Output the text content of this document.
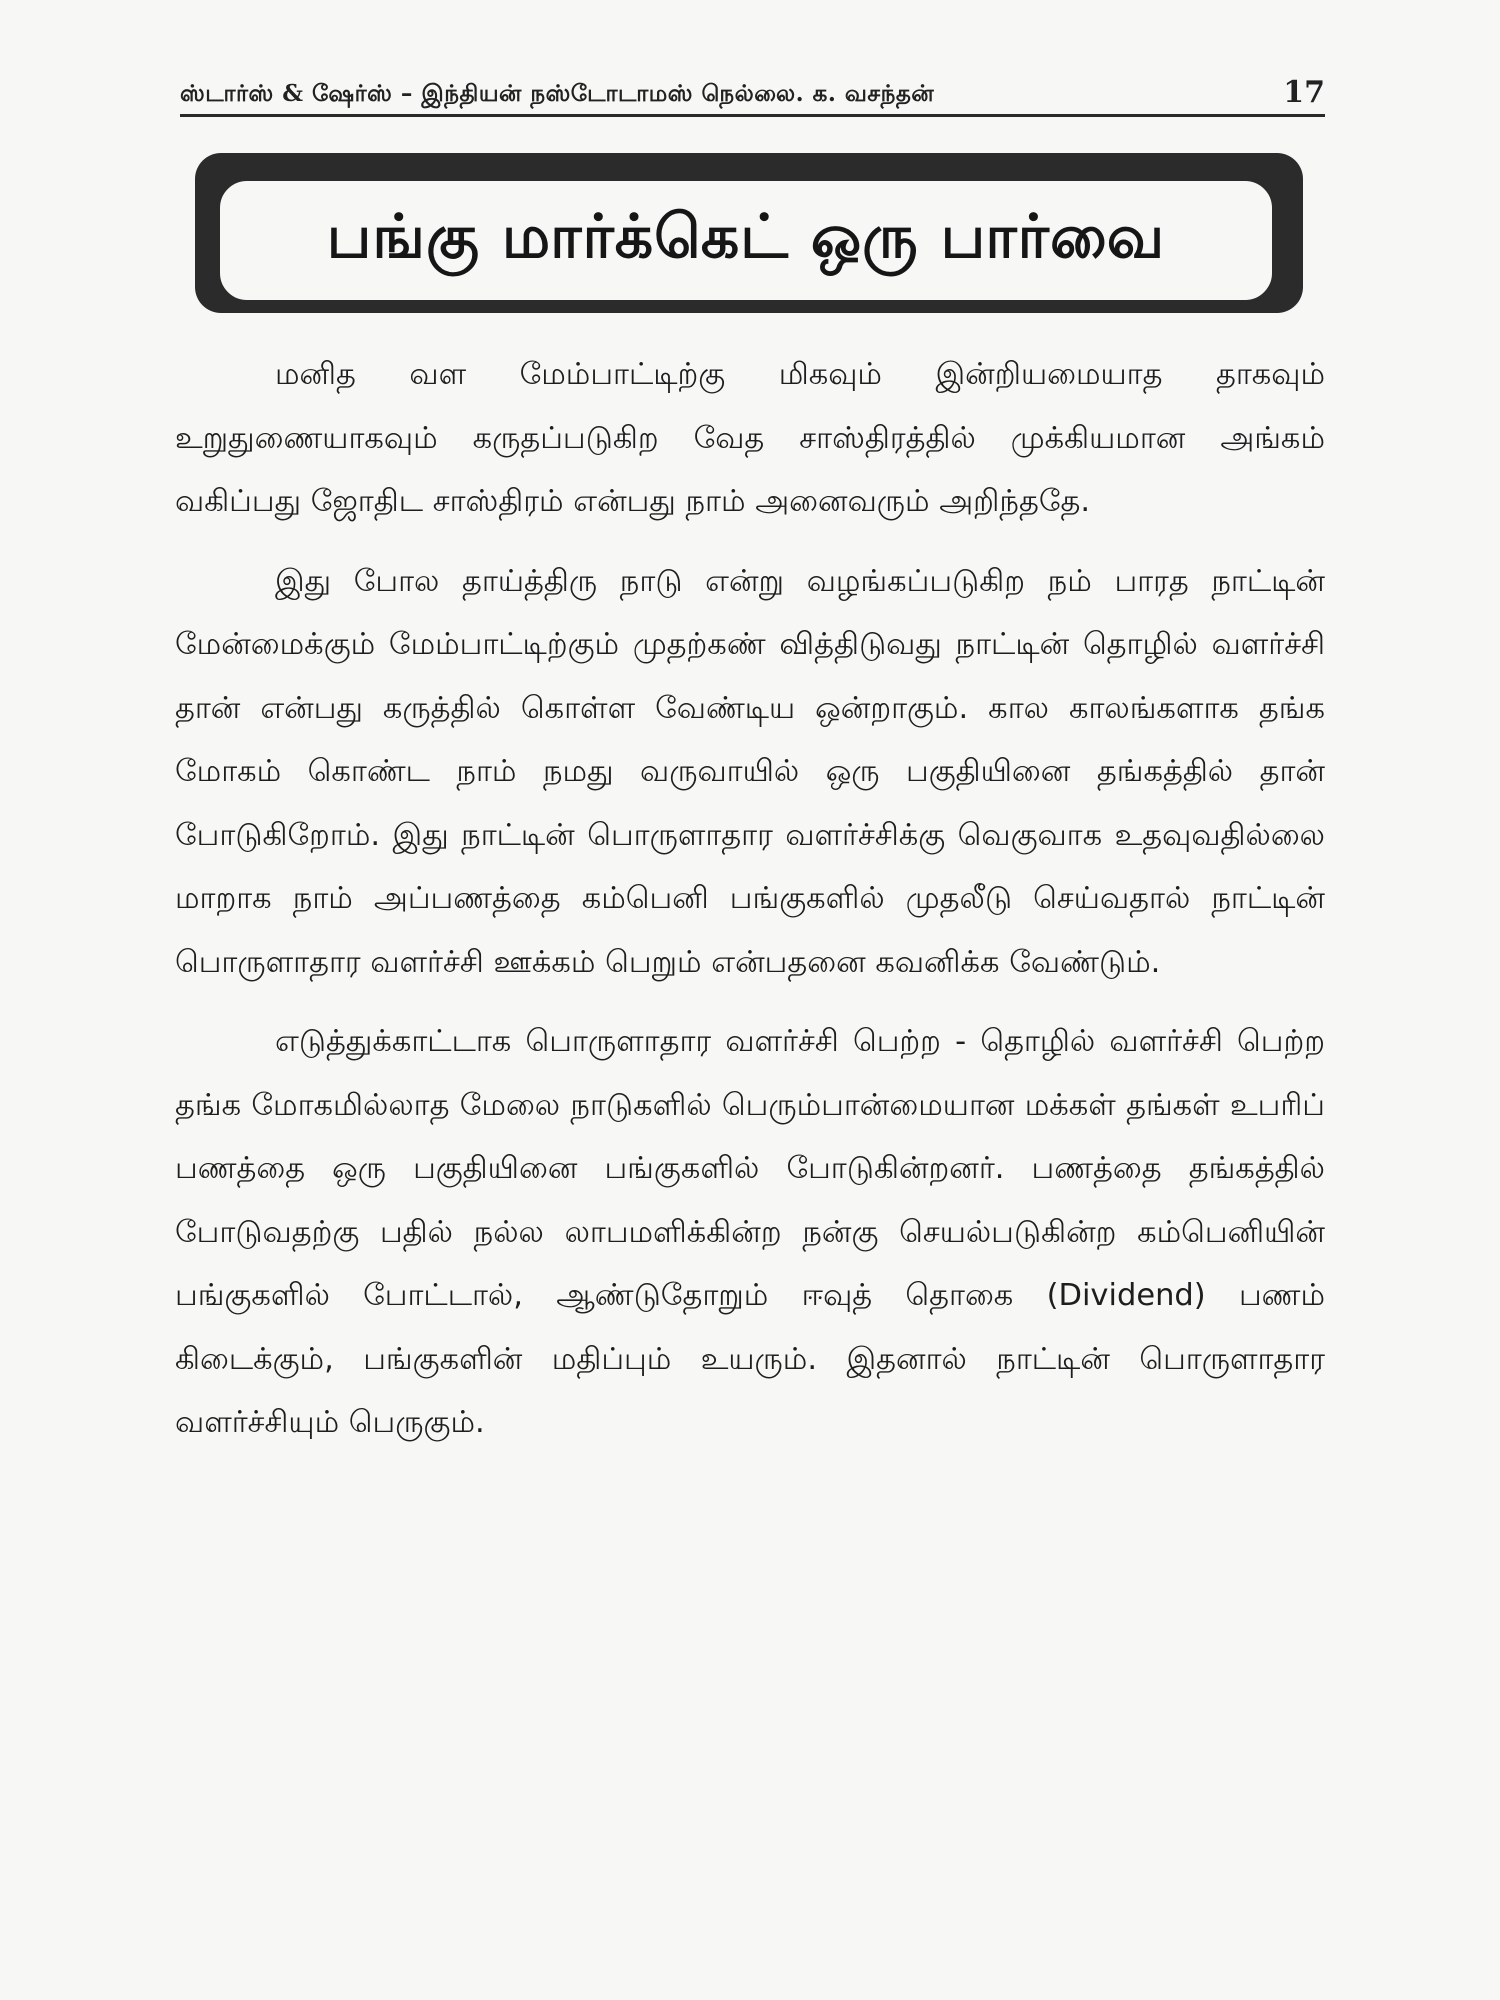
ஸ்டார்ஸ் & ஷேர்ஸ் – இந்தியன் நஸ்டோடாமஸ் நெல்லை. க. வசந்தன்	17
பங்கு மார்க்கெட் ஒரு பார்வை

மனித வள மேம்பாட்டிற்கு மிகவும் இன்றியமையாத தாகவும் உறுதுணையாகவும் கருதப்படுகிற வேத சாஸ்திரத்தில் முக்கியமான அங்கம் வகிப்பது ஜோதிட சாஸ்திரம் என்பது நாம் அனைவரும் அறிந்ததே.

இது போல தாய்த்திரு நாடு என்று வழங்கப்படுகிற நம் பாரத நாட்டின் மேன்மைக்கும் மேம்பாட்டிற்கும் முதற்கண் வித்திடுவது நாட்டின் தொழில் வளர்ச்சி தான் என்பது கருத்தில் கொள்ள வேண்டிய ஒன்றாகும். கால காலங்களாக தங்க மோகம் கொண்ட நாம் நமது வருவாயில் ஒரு பகுதியினை தங்கத்தில் தான் போடுகிறோம். இது நாட்டின் பொருளாதார வளர்ச்சிக்கு வெகுவாக உதவுவதில்லை மாறாக நாம் அப்பணத்தை கம்பெனி பங்குகளில் முதலீடு செய்வதால் நாட்டின் பொருளாதார வளர்ச்சி ஊக்கம் பெறும் என்பதனை கவனிக்க வேண்டும்.

எடுத்துக்காட்டாக பொருளாதார வளர்ச்சி பெற்ற - தொழில் வளர்ச்சி பெற்ற தங்க மோகமில்லாத மேலை நாடுகளில் பெரும்பான்மையான மக்கள் தங்கள் உபரிப் பணத்தை ஒரு பகுதியினை பங்குகளில் போடுகின்றனர். பணத்தை தங்கத்தில் போடுவதற்கு பதில் நல்ல லாபமளிக்கின்ற நன்கு செயல்படுகின்ற கம்பெனியின் பங்குகளில் போட்டால், ஆண்டுதோறும் ஈவுத் தொகை (Dividend) பணம் கிடைக்கும், பங்குகளின் மதிப்பும் உயரும். இதனால் நாட்டின் பொருளாதார வளர்ச்சியும் பெருகும்.
